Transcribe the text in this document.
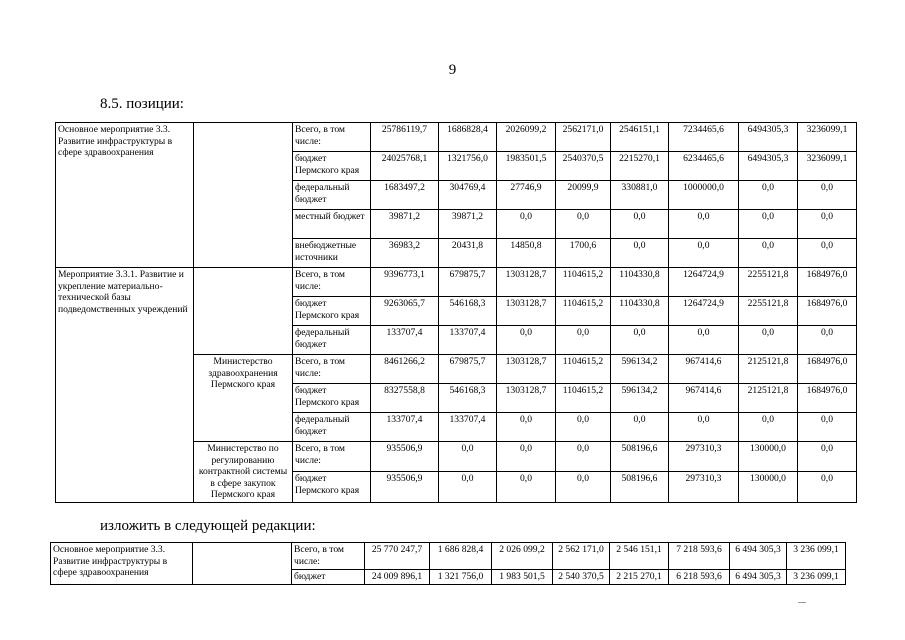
9
8.5. позиции:
Основное мероприятие 3.3. Развитие инфраструктуры в сфере здравоохранения		Всего, в том числе:	25786119,7	1686828,4	2026099,2	2562171,0	2546151,1	7234465,6	6494305,3	3236099,1
		бюджет Пермского края	24025768,1	1321756,0	1983501,5	2540370,5	2215270,1	6234465,6	6494305,3	3236099,1
		федеральный бюджет	1683497,2	304769,4	27746,9	20099,9	330881,0	1000000,0	0,0	0,0
		местный бюджет	39871,2	39871,2	0,0	0,0	0,0	0,0	0,0	0,0
		внебюджетные источники	36983,2	20431,8	14850,8	1700,6	0,0	0,0	0,0	0,0
Мероприятие 3.3.1. Развитие и укрепление материально-технической базы подведомственных учреждений		Всего, в том числе:	9396773,1	679875,7	1303128,7	1104615,2	1104330,8	1264724,9	2255121,8	1684976,0
		бюджет Пермского края	9263065,7	546168,3	1303128,7	1104615,2	1104330,8	1264724,9	2255121,8	1684976,0
		федеральный бюджет	133707,4	133707,4	0,0	0,0	0,0	0,0	0,0	0,0
	Министерство здравоохранения Пермского края	Всего, в том числе:	8461266,2	679875,7	1303128,7	1104615,2	596134,2	967414,6	2125121,8	1684976,0
		бюджет Пермского края	8327558,8	546168,3	1303128,7	1104615,2	596134,2	967414,6	2125121,8	1684976,0
		федеральный бюджет	133707,4	133707,4	0,0	0,0	0,0	0,0	0,0	0,0
	Министерство по регулированию контрактной системы в сфере закупок Пермского края	Всего, в том числе:	935506,9	0,0	0,0	0,0	508196,6	297310,3	130000,0	0,0
		бюджет Пермского края	935506,9	0,0	0,0	0,0	508196,6	297310,3	130000,0	0,0
изложить в следующей редакции:
Основное мероприятие 3.3. Развитие инфраструктуры в сфере здравоохранения		Всего, в том числе:	25 770 247,7	1 686 828,4	2 026 099,2	2 562 171,0	2 546 151,1	7 218 593,6	6 494 305,3	3 236 099,1
		бюджет	24 009 896,1	1 321 756,0	1 983 501,5	2 540 370,5	2 215 270,1	6 218 593,6	6 494 305,3	3 236 099,1
